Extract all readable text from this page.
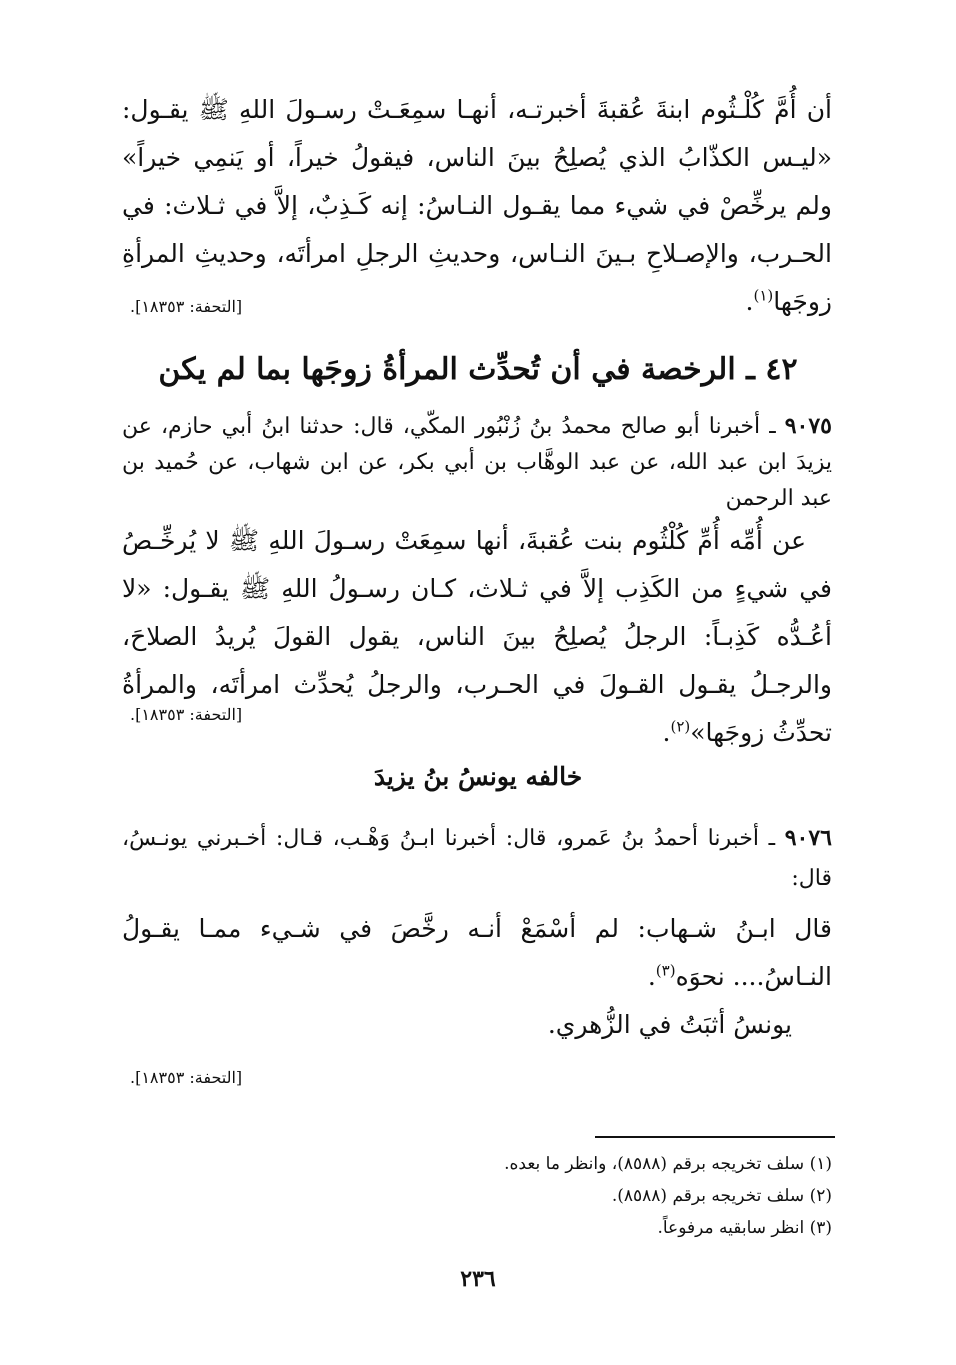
أن أُمَّ كُلْـثُوم ابنةَ عُقبةَ أخبرتـه، أنهـا سمِعَـتْ رسـولَ اللهِ ﷺ يقـول: «ليـس الكذّابُ الذي يُصلِحُ بينَ الناس، فيقولُ خيراً، أو يَنمِي خيراً» ولم يرخِّصْ في شيء مما يقـول النـاسُ: إنه كَـذِبٌ، إلاَّ في ثـلاث: في الحـرب، والإصـلاحِ بـينَ النـاس، وحديثِ الرجلِ امرأتَه، وحديثِ المرأةِ زوجَها$^{(١)}$.
[التحفة: ١٨٣٥٣].
٤٢ ـ الرخصة في أن تُحدِّث المرأةُ زوجَها بما لم يكن
٩٠٧٥ ـ أخبرنا أبو صالح محمدُ بنُ زُنْبُور المكّي، قال: حدثنا ابنُ أبي حازم، عن يزيدَ ابن عبد الله، عن عبد الوهَّاب بن أبي بكر، عن ابن شهاب، عن حُميد بن عبد الرحمن
عن أُمِّه أُمِّ كُلْثُوم بنت عُقبةَ، أنها سمِعَتْ رسـولَ اللهِ ﷺ لا يُرخِّـصُ في شيءٍ من الكَذِب إلاَّ في ثـلاث، كـان رسـولُ اللهِ ﷺ يقـول: «لا أعُـدُّه كَذِبـاً: الرجلُ يُصلِحُ بينَ الناس، يقول القولَ يُريدُ الصلاحَ، والرجـلُ يقـول القـولَ في الحـرب، والرجلُ يُحدِّث امرأتَه، والمرأةُ تحدِّثُ زوجَها»$^{(٢)}$.
[التحفة: ١٨٣٥٣].
خالفه يونسُ بنُ يزيدَ
٩٠٧٦ ـ أخبرنا أحمدُ بنُ عَمرو، قال: أخبرنا ابـنُ وَهْـب، قـال: أخـبرني يونـسُ، قال:
قال ابـنُ شـهاب: لم أسْمَعْ أنـه رخَّصَ في شـيء ممـا يقـولُ النـاسُ.... نحوَه$^{(٣)}$.
يونسُ أثبَتُ في الزُّهري.
[التحفة: ١٨٣٥٣].
(١) سلف تخريجه برقم (٨٥٨٨)، وانظر ما بعده.
(٢) سلف تخريجه برقم (٨٥٨٨).
(٣) انظر سابقيه مرفوعاً.
٢٣٦
